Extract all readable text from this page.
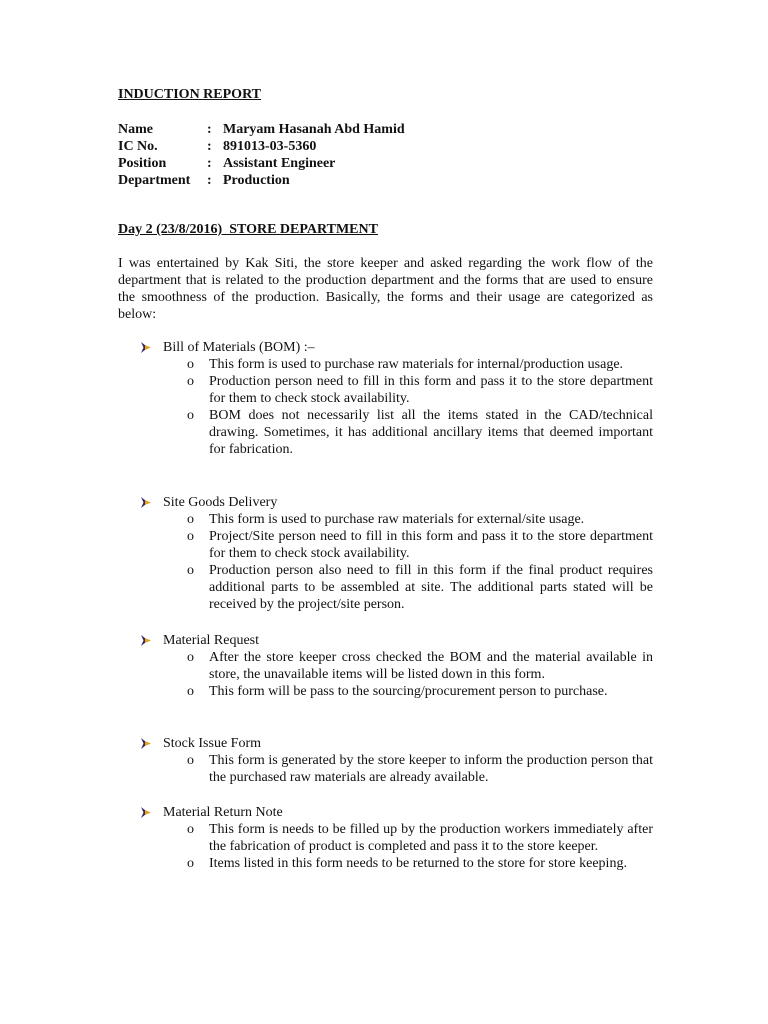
INDUCTION REPORT
Name	: Maryam Hasanah Abd Hamid
IC No.	: 891013-03-5360
Position	: Assistant Engineer
Department : Production
Day 2 (23/8/2016)  STORE DEPARTMENT
I was entertained by Kak Siti, the store keeper and asked regarding the work flow of the department that is related to the production department and the forms that are used to ensure the smoothness of the production. Basically, the forms and their usage are categorized as below:
Bill of Materials (BOM) :–
o This form is used to purchase raw materials for internal/production usage.
o Production person need to fill in this form and pass it to the store department for them to check stock availability.
o BOM does not necessarily list all the items stated in the CAD/technical drawing. Sometimes, it has additional ancillary items that deemed important for fabrication.
Site Goods Delivery
o This form is used to purchase raw materials for external/site usage.
o Project/Site person need to fill in this form and pass it to the store department for them to check stock availability.
o Production person also need to fill in this form if the final product requires additional parts to be assembled at site. The additional parts stated will be received by the project/site person.
Material Request
o After the store keeper cross checked the BOM and the material available in store, the unavailable items will be listed down in this form.
o This form will be pass to the sourcing/procurement person to purchase.
Stock Issue Form
o This form is generated by the store keeper to inform the production person that the purchased raw materials are already available.
Material Return Note
o This form is needs to be filled up by the production workers immediately after the fabrication of product is completed and pass it to the store keeper.
o Items listed in this form needs to be returned to the store for store keeping.
